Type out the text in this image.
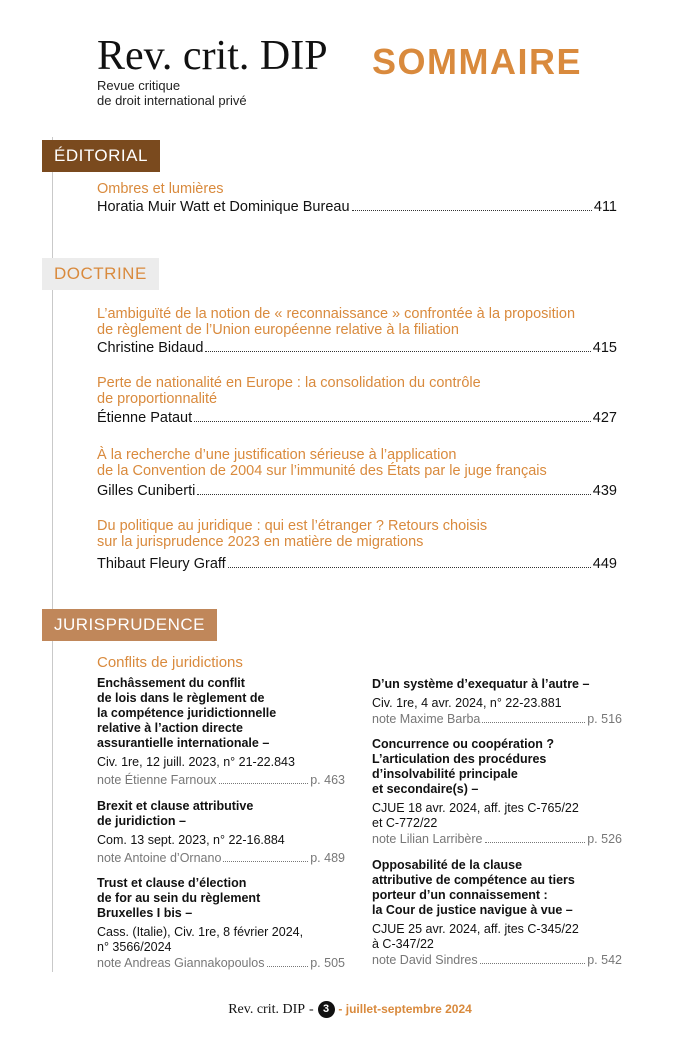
Rev. crit. DIP
Revue critique
de droit international privé
SOMMAIRE
ÉDITORIAL
Ombres et lumières
Horatia Muir Watt et Dominique Bureau	411
DOCTRINE
L’ambiguïté de la notion de « reconnaissance » confrontée à la proposition
de règlement de l’Union européenne relative à la filiation
Christine Bidaud	415
Perte de nationalité en Europe : la consolidation du contrôle
de proportionnalité
Étienne Pataut	427
À la recherche d’une justification sérieuse à l’application
de la Convention de 2004 sur l’immunité des États par le juge français
Gilles Cuniberti	439
Du politique au juridique : qui est l’étranger ? Retours choisis
sur la jurisprudence 2023 en matière de migrations
Thibaut Fleury Graff	449
JURISPRUDENCE
Conflits de juridictions
Enchâssement du conflit
de lois dans le règlement de
la compétence juridictionnelle
relative à l’action directe
assurantielle internationale –
Civ. 1re, 12 juill. 2023, n° 21-22.843
note Étienne Farnoux	p. 463
Brexit et clause attributive
de juridiction –
Com. 13 sept. 2023, n° 22-16.884
note Antoine d’Ornano	p. 489
Trust et clause d’élection
de for au sein du règlement
Bruxelles I bis –
Cass. (Italie), Civ. 1re, 8 février 2024,
n° 3566/2024
note Andreas Giannakopoulos	p. 505
D’un système d’exequatur à l’autre –
Civ. 1re, 4 avr. 2024, n° 22-23.881
note Maxime Barba	p. 516
Concurrence ou coopération ?
L’articulation des procédures
d’insolvabilité principale
et secondaire(s) –
CJUE 18 avr. 2024, aff. jtes C-765/22
et C-772/22
note Lilian Larribère	p. 526
Opposabilité de la clause
attributive de compétence au tiers
porteur d’un connaissement :
la Cour de justice navigue à vue –
CJUE 25 avr. 2024, aff. jtes C-345/22
à C-347/22
note David Sindres	p. 542
Rev. crit. DIP - 3 - juillet-septembre 2024
